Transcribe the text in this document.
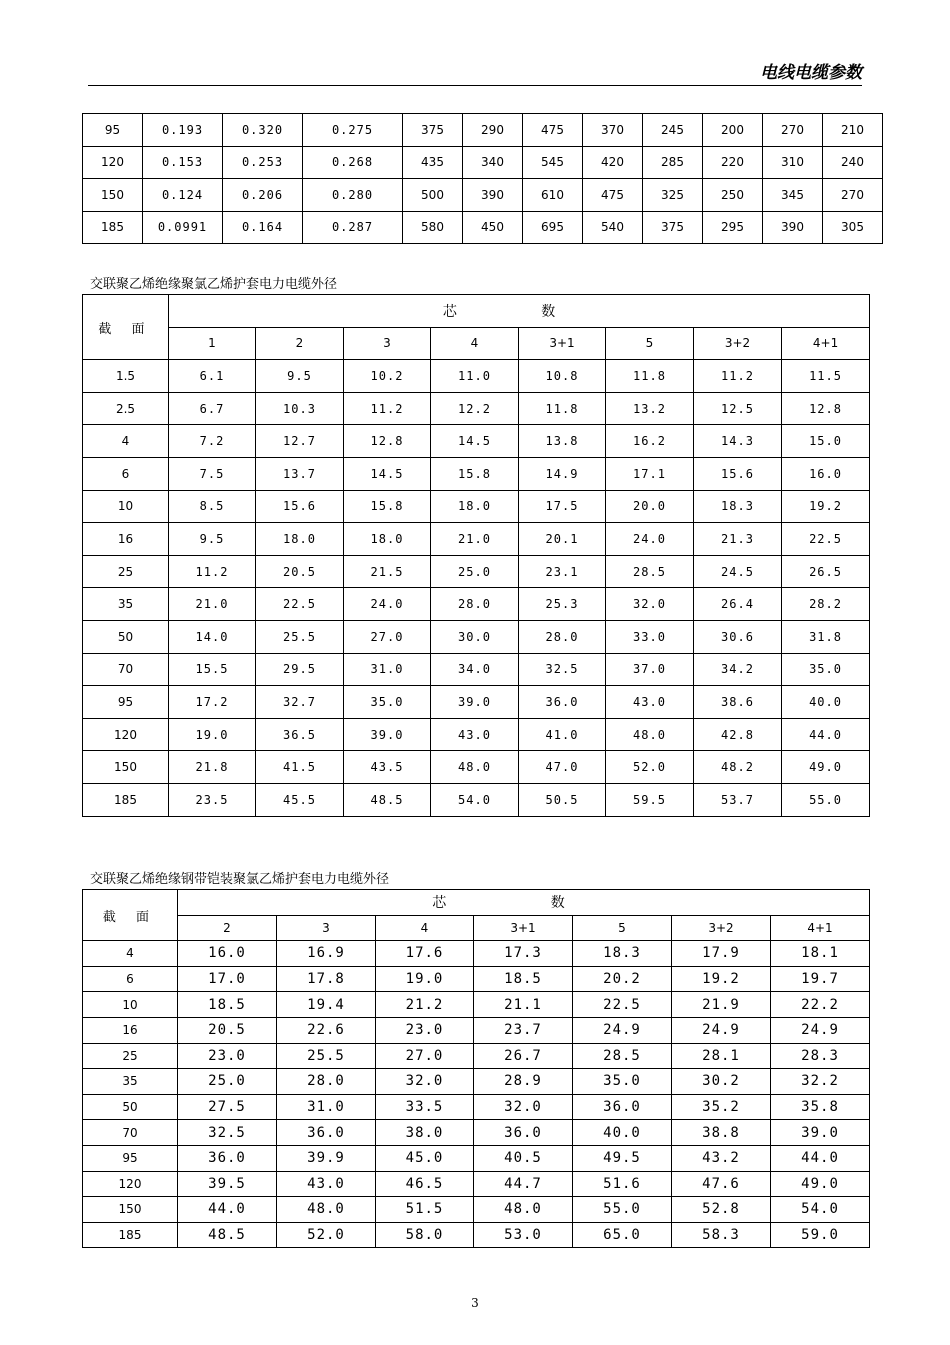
电线电缆参数
95	0.193	0.320	0.275	375	290	475	370	245	200	270	210
120	0.153	0.253	0.268	435	340	545	420	285	220	310	240
150	0.124	0.206	0.280	500	390	610	475	325	250	345	270
185	0.0991	0.164	0.287	580	450	695	540	375	295	390	305
交联聚乙烯绝缘聚氯乙烯护套电力电缆外径
截 面	芯 数							
	1	2	3	4	3+1	5	3+2	4+1
1.5	6.1	9.5	10.2	11.0	10.8	11.8	11.2	11.5
2.5	6.7	10.3	11.2	12.2	11.8	13.2	12.5	12.8
4	7.2	12.7	12.8	14.5	13.8	16.2	14.3	15.0
6	7.5	13.7	14.5	15.8	14.9	17.1	15.6	16.0
10	8.5	15.6	15.8	18.0	17.5	20.0	18.3	19.2
16	9.5	18.0	18.0	21.0	20.1	24.0	21.3	22.5
25	11.2	20.5	21.5	25.0	23.1	28.5	24.5	26.5
35	21.0	22.5	24.0	28.0	25.3	32.0	26.4	28.2
50	14.0	25.5	27.0	30.0	28.0	33.0	30.6	31.8
70	15.5	29.5	31.0	34.0	32.5	37.0	34.2	35.0
95	17.2	32.7	35.0	39.0	36.0	43.0	38.6	40.0
120	19.0	36.5	39.0	43.0	41.0	48.0	42.8	44.0
150	21.8	41.5	43.5	48.0	47.0	52.0	48.2	49.0
185	23.5	45.5	48.5	54.0	50.5	59.5	53.7	55.0
交联聚乙烯绝缘钢带铠装聚氯乙烯护套电力电缆外径
截 面	芯 数						
	2	3	4	3+1	5	3+2	4+1
4	16.0	16.9	17.6	17.3	18.3	17.9	18.1
6	17.0	17.8	19.0	18.5	20.2	19.2	19.7
10	18.5	19.4	21.2	21.1	22.5	21.9	22.2
16	20.5	22.6	23.0	23.7	24.9	24.9	24.9
25	23.0	25.5	27.0	26.7	28.5	28.1	28.3
35	25.0	28.0	32.0	28.9	35.0	30.2	32.2
50	27.5	31.0	33.5	32.0	36.0	35.2	35.8
70	32.5	36.0	38.0	36.0	40.0	38.8	39.0
95	36.0	39.9	45.0	40.5	49.5	43.2	44.0
120	39.5	43.0	46.5	44.7	51.6	47.6	49.0
150	44.0	48.0	51.5	48.0	55.0	52.8	54.0
185	48.5	52.0	58.0	53.0	65.0	58.3	59.0
3
